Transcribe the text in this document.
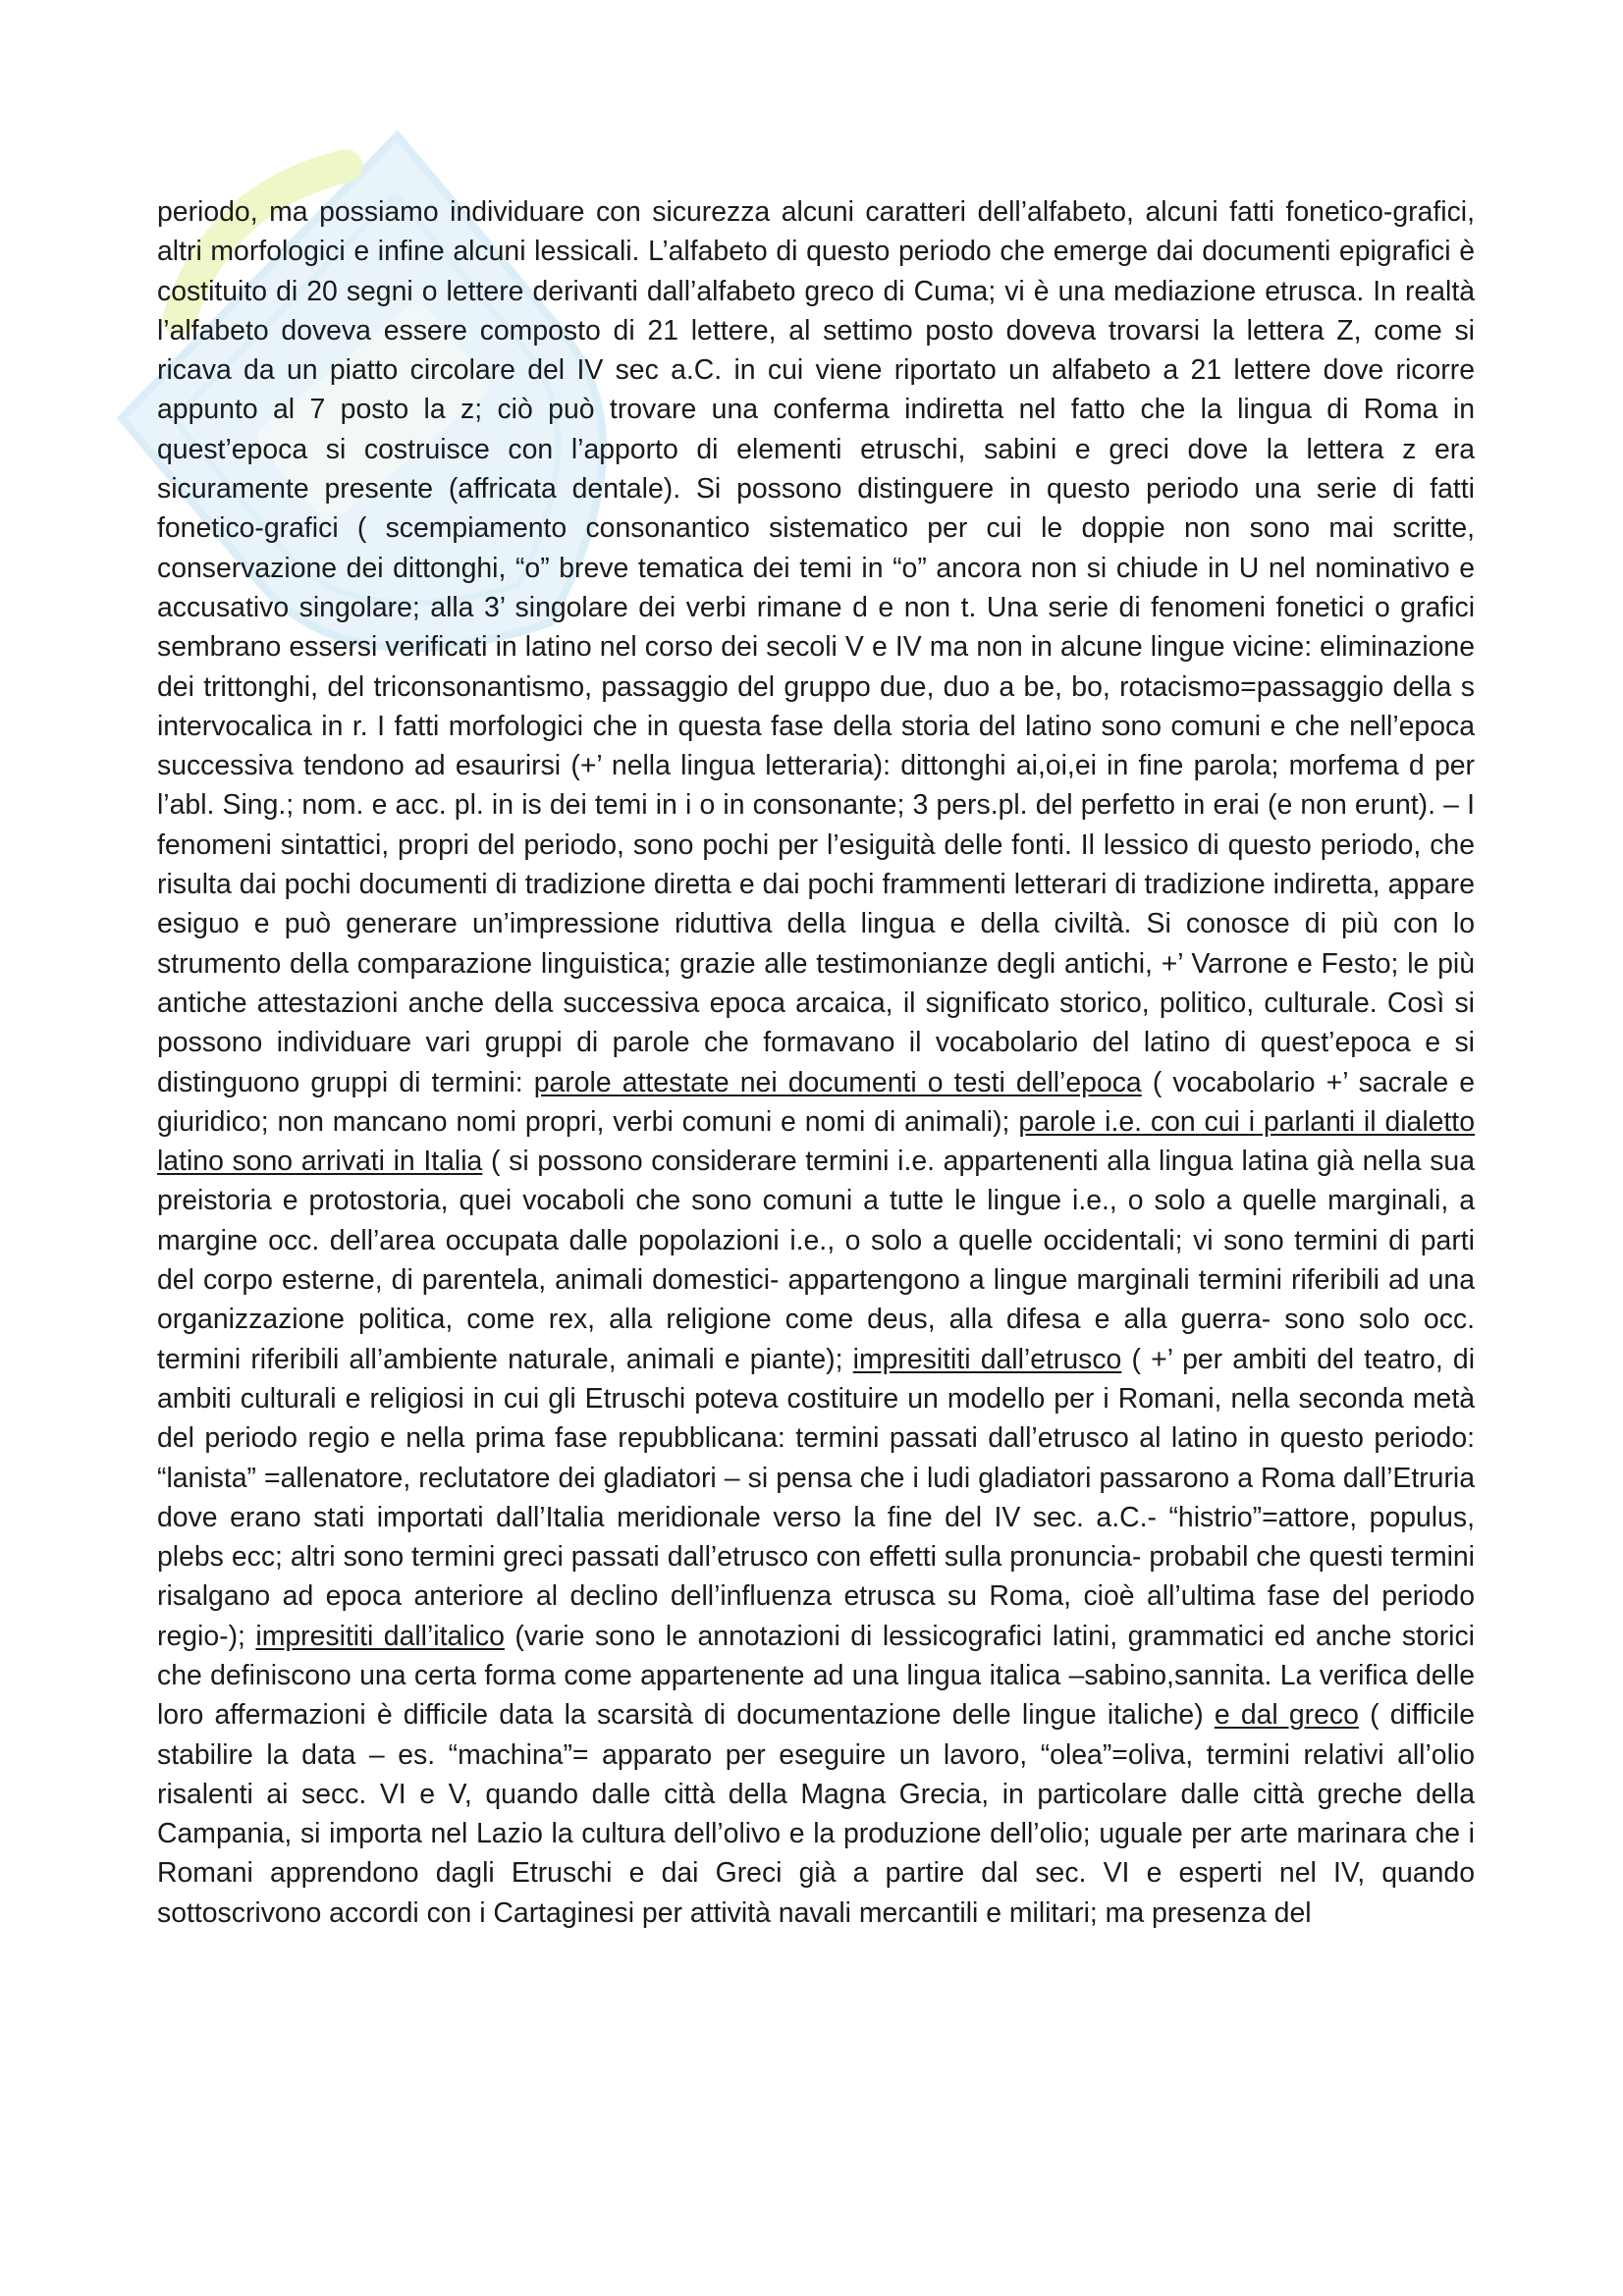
periodo, ma possiamo individuare con sicurezza alcuni caratteri dell’alfabeto, alcuni fatti fonetico-grafici, altri morfologici e infine alcuni lessicali. L’alfabeto di questo periodo che emerge dai documenti epigrafici è costituito di 20 segni o lettere derivanti dall’alfabeto greco di Cuma; vi è una mediazione etrusca. In realtà l’alfabeto doveva essere composto di 21 lettere, al settimo posto doveva trovarsi la lettera Z, come si ricava da un piatto circolare del IV sec a.C. in cui viene riportato un alfabeto a 21 lettere dove ricorre appunto al 7 posto la z; ciò può trovare una conferma indiretta nel fatto che la lingua di Roma in quest’epoca si costruisce con l’apporto di elementi etruschi, sabini e greci dove la lettera z era sicuramente presente (affricata dentale). Si possono distinguere in questo periodo una serie di fatti fonetico-grafici ( scempiamento consonantico sistematico per cui le doppie non sono mai scritte, conservazione dei dittonghi, “o” breve tematica dei temi in “o” ancora non si chiude in U nel nominativo e accusativo singolare; alla 3’ singolare dei verbi rimane d e non t. Una serie di fenomeni fonetici o grafici sembrano essersi verificati in latino nel corso dei secoli V e IV ma non in alcune lingue vicine: eliminazione dei trittonghi, del triconsonantismo, passaggio del gruppo due, duo a be, bo, rotacismo=passaggio della s intervocalica in r. I fatti morfologici che in questa fase della storia del latino sono comuni e che nell’epoca successiva tendono ad esaurirsi (+’ nella lingua letteraria): dittonghi ai,oi,ei in fine parola; morfema d per l’abl. Sing.; nom. e acc. pl. in is dei temi in i o in consonante; 3 pers.pl. del perfetto in erai (e non erunt). – I fenomeni sintattici, propri del periodo, sono pochi per l’esiguità delle fonti. Il lessico di questo periodo, che risulta dai pochi documenti di tradizione diretta e dai pochi frammenti letterari di tradizione indiretta, appare esiguo e può generare un’impressione riduttiva della lingua e della civiltà. Si conosce di più con lo strumento della comparazione linguistica; grazie alle testimonianze degli antichi, +’ Varrone e Festo; le più antiche attestazioni anche della successiva epoca arcaica, il significato storico, politico, culturale. Così si possono individuare vari gruppi di parole che formavano il vocabolario del latino di quest’epoca e si distinguono gruppi di termini: parole attestate nei documenti o testi dell’epoca ( vocabolario +’ sacrale e giuridico; non mancano nomi propri, verbi comuni e nomi di animali); parole i.e. con cui i parlanti il dialetto latino sono arrivati in Italia ( si possono considerare termini i.e. appartenenti alla lingua latina già nella sua preistoria e protostoria, quei vocaboli che sono comuni a tutte le lingue i.e., o solo a quelle marginali, a margine occ. dell’area occupata dalle popolazioni i.e., o solo a quelle occidentali; vi sono termini di parti del corpo esterne, di parentela, animali domestici- appartengono a lingue marginali termini riferibili ad una organizzazione politica, come rex, alla religione come deus, alla difesa e alla guerra- sono solo occ. termini riferibili all’ambiente naturale, animali e piante); impresititi dall’etrusco ( +’ per ambiti del teatro, di ambiti culturali e religiosi in cui gli Etruschi poteva costituire un modello per i Romani, nella seconda metà del periodo regio e nella prima fase repubblicana: termini passati dall’etrusco al latino in questo periodo: “lanista” =allenatore, reclutatore dei gladiatori – si pensa che i ludi gladiatori passarono a Roma dall’Etruria dove erano stati importati dall’Italia meridionale verso la fine del IV sec. a.C.- “histrio”=attore, populus, plebs ecc; altri sono termini greci passati dall’etrusco con effetti sulla pronuncia- probabil che questi termini risalgano ad epoca anteriore al declino dell’influenza etrusca su Roma, cioè all’ultima fase del periodo regio-); impresititi dall’italico (varie sono le annotazioni di lessicografici latini, grammatici ed anche storici che definiscono una certa forma come appartenente ad una lingua italica –sabino,sannita. La verifica delle loro affermazioni è difficile data la scarsità di documentazione delle lingue italiche) e dal greco ( difficile stabilire la data – es. “machina”= apparato per eseguire un lavoro, “olea”=oliva, termini relativi all’olio risalenti ai secc. VI e V, quando dalle città della Magna Grecia, in particolare dalle città greche della Campania, si importa nel Lazio la cultura dell’olivo e la produzione dell’olio; uguale per arte marinara che i Romani apprendono dagli Etruschi e dai Greci già a partire dal sec. VI e esperti nel IV, quando sottoscrivono accordi con i Cartaginesi per attività navali mercantili e militari; ma presenza del
